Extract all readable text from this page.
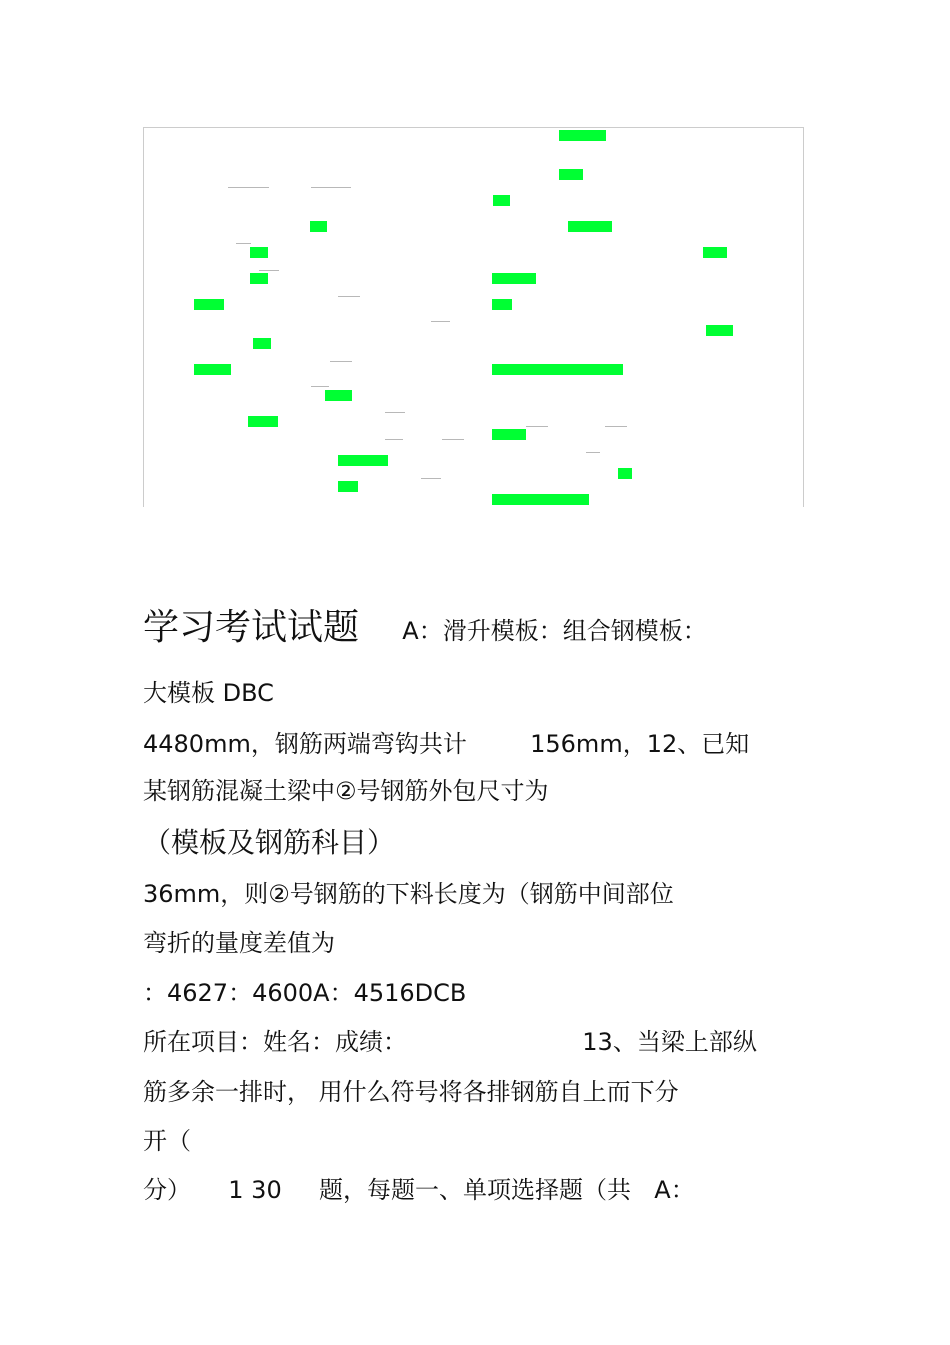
学习考试试题 A：滑升模板：组合钢模板：
大模板 DBC
4480mm，钢筋两端弯钩共计	156mm，12、已知
某钢筋混凝土梁中②号钢筋外包尺寸为
（模板及钢筋科目）
36mm，则②号钢筋的下料长度为（钢筋中间部位
弯折的量度差值为
：4627：4600A：4516DCB
所在项目：姓名：成绩：	13、当梁上部纵
筋多余一排时， 用什么符号将各排钢筋自上而下分
开（
分） 1 30 题，每题一、单项选择题（共 A：
